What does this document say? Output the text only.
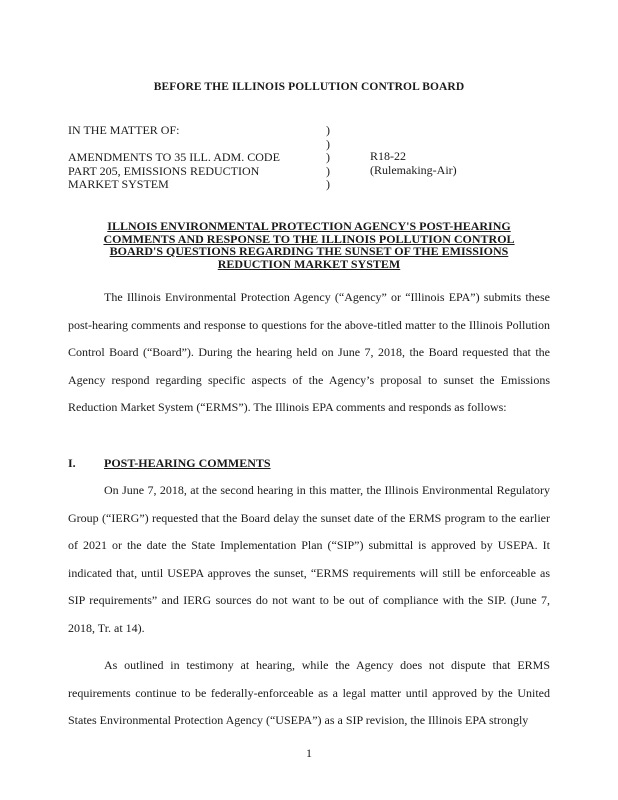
BEFORE THE ILLINOIS POLLUTION CONTROL BOARD
IN THE MATTER OF:
AMENDMENTS TO 35 ILL. ADM. CODE
PART 205, EMISSIONS REDUCTION
MARKET SYSTEM
)
)
)
)
)
R18-22
(Rulemaking-Air)
ILLNOIS ENVIRONMENTAL PROTECTION AGENCY'S POST-HEARING COMMENTS AND RESPONSE TO THE ILLINOIS POLLUTION CONTROL BOARD'S QUESTIONS REGARDING THE SUNSET OF THE EMISSIONS REDUCTION MARKET SYSTEM
The Illinois Environmental Protection Agency (“Agency” or “Illinois EPA”) submits these post-hearing comments and response to questions for the above-titled matter to the Illinois Pollution Control Board (“Board”). During the hearing held on June 7, 2018, the Board requested that the Agency respond regarding specific aspects of the Agency’s proposal to sunset the Emissions Reduction Market System (“ERMS”). The Illinois EPA comments and responds as follows:
I. POST-HEARING COMMENTS
On June 7, 2018, at the second hearing in this matter, the Illinois Environmental Regulatory Group (“IERG”) requested that the Board delay the sunset date of the ERMS program to the earlier of 2021 or the date the State Implementation Plan (“SIP”) submittal is approved by USEPA. It indicated that, until USEPA approves the sunset, “ERMS requirements will still be enforceable as SIP requirements” and IERG sources do not want to be out of compliance with the SIP. (June 7, 2018, Tr. at 14).
As outlined in testimony at hearing, while the Agency does not dispute that ERMS requirements continue to be federally-enforceable as a legal matter until approved by the United States Environmental Protection Agency (“USEPA”) as a SIP revision, the Illinois EPA strongly
1
